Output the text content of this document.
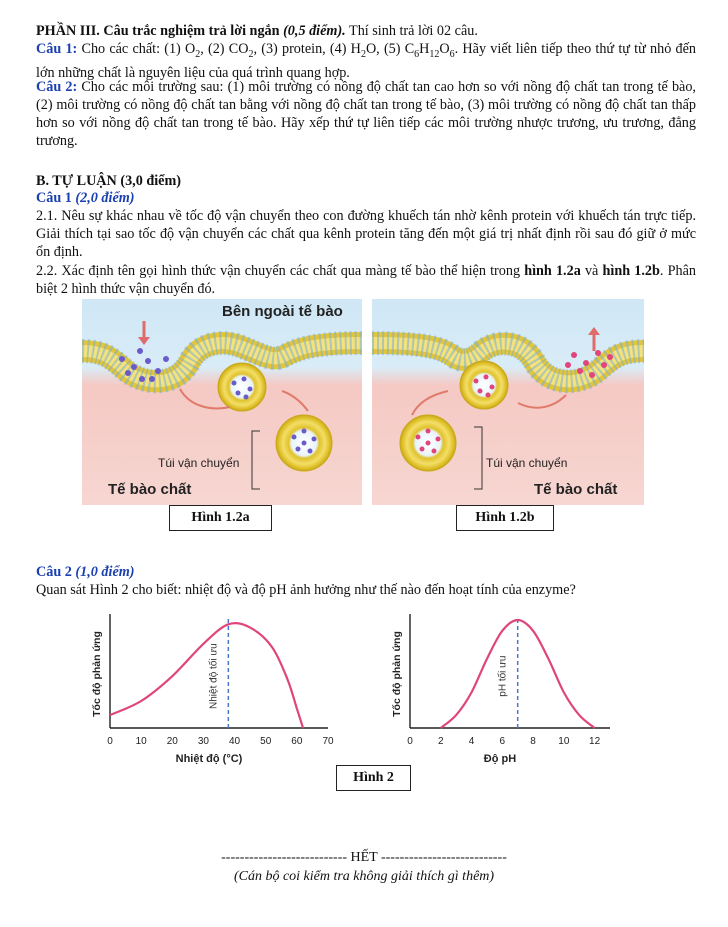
PHẦN III. Câu trắc nghiệm trả lời ngắn (0,5 điểm). Thí sinh trả lời 02 câu.

Câu 1: Cho các chất: (1) $O_2$, (2) $CO_2$, (3) protein, (4) $H_2O$, (5) $C_6H_{12}O_6$. Hãy viết liên tiếp theo thứ tự từ nhỏ đến lớn những chất là nguyên liệu của quá trình quang hợp.

Câu 2: Cho các môi trường sau: (1) môi trường có nồng độ chất tan cao hơn so với nồng độ chất tan trong tế bào, (2) môi trường có nồng độ chất tan bằng với nồng độ chất tan trong tế bào, (3) môi trường có nồng độ chất tan thấp hơn so với nồng độ chất tan trong tế bào. Hãy xếp thứ tự liên tiếp các môi trường nhược trương, ưu trương, đẳng trương.

B. TỰ LUẬN (3,0 điểm)

Câu 1 (2,0 điểm)

2.1. Nêu sự khác nhau về tốc độ vận chuyển theo con đường khuếch tán nhờ kênh protein với khuếch tán trực tiếp. Giải thích tại sao tốc độ vận chuyển các chất qua kênh protein tăng đến một giá trị nhất định rồi sau đó giữ ở mức ổn định.

2.2. Xác định tên gọi hình thức vận chuyển các chất qua màng tế bào thể hiện trong hình 1.2a và hình 1.2b. Phân biệt 2 hình thức vận chuyển đó.

Bên ngoài tế bào
Túi vận chuyển
Tế bào chất
Túi vận chuyển
Tế bào chất
Hình 1.2a	Hình 1.2b

Câu 2 (1,0 điểm)

Quan sát Hình 2 cho biết: nhiệt độ và độ pH ảnh hưởng như thế nào đến hoạt tính của enzyme?

0 10 20 30 40 50 60 70
Nhiệt độ (°C)
Tốc độ phản ứng	Nhiệt độ tối ưu
0	2	4	6	8 10 12
Độ pH
Tốc độ phản ứng	pH tối ưu
Hình 2
--------------------------- HẾT ---------------------------
(Cán bộ coi kiểm tra không giải thích gì thêm)
